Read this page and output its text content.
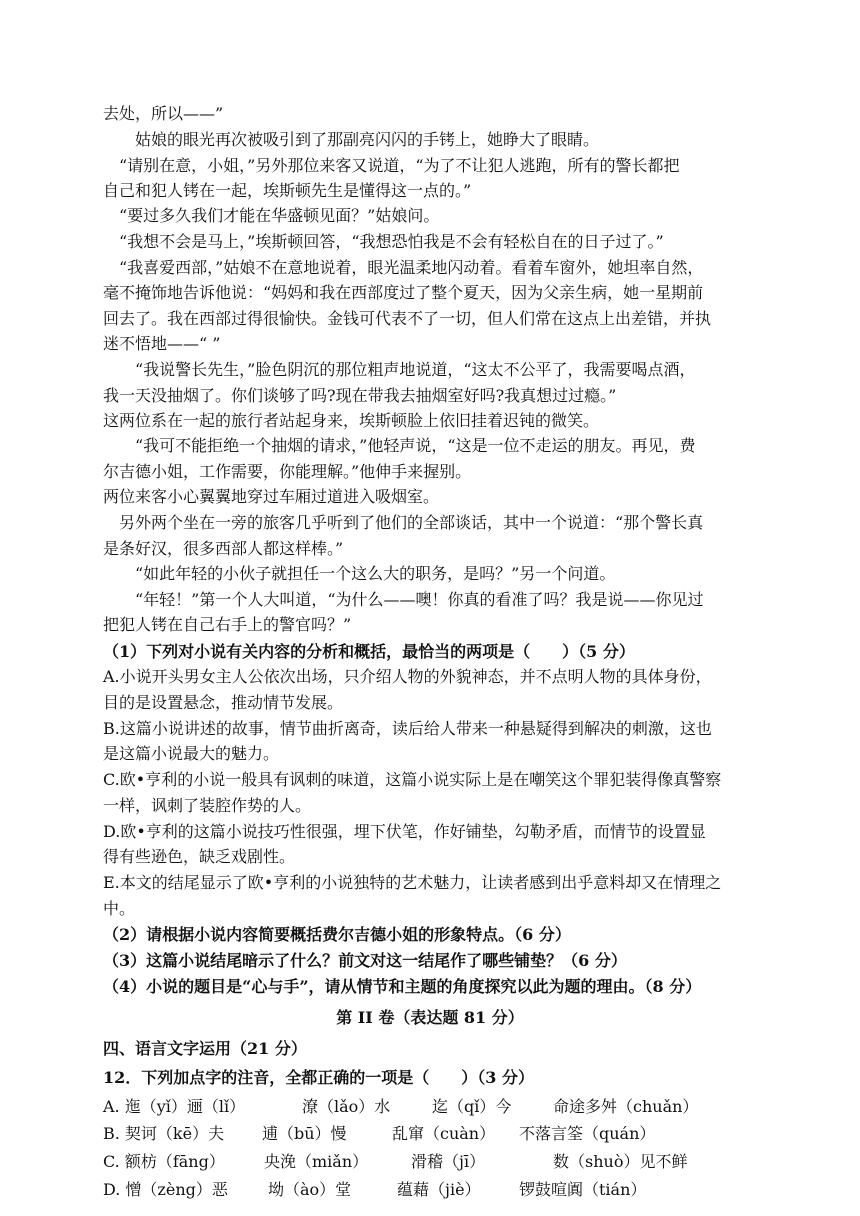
去处，所以——”
姑娘的眼光再次被吸引到了那副亮闪闪的手铐上，她睁大了眼睛。
“请别在意，小姐，”另外那位来客又说道，“为了不让犯人逃跑，所有的警长都把
自己和犯人铐在一起，埃斯顿先生是懂得这一点的。”
“要过多久我们才能在华盛顿见面？”姑娘问。
“我想不会是马上，”埃斯顿回答，“我想恐怕我是不会有轻松自在的日子过了。”
“我喜爱西部，”姑娘不在意地说着，眼光温柔地闪动着。看着车窗外，她坦率自然，
毫不掩饰地告诉他说：“妈妈和我在西部度过了整个夏天，因为父亲生病，她一星期前
回去了。我在西部过得很愉快。金钱可代表不了一切，但人们常在这点上出差错，并执
迷不悟地——“ ”
“我说警长先生，”脸色阴沉的那位粗声地说道，“这太不公平了，我需要喝点酒，
我一天没抽烟了。你们谈够了吗?现在带我去抽烟室好吗?我真想过过瘾。”
这两位系在一起的旅行者站起身来，埃斯顿脸上依旧挂着迟钝的微笑。
“我可不能拒绝一个抽烟的请求，”他轻声说，“这是一位不走运的朋友。再见，费
尔吉德小姐，工作需要，你能理解。”他伸手来握别。
两位来客小心翼翼地穿过车厢过道进入吸烟室。
另外两个坐在一旁的旅客几乎听到了他们的全部谈话，其中一个说道：“那个警长真
是条好汉，很多西部人都这样棒。”
“如此年轻的小伙子就担任一个这么大的职务，是吗？”另一个问道。
“年轻！”第一个人大叫道，“为什么——噢！你真的看准了吗？我是说——你见过
把犯人铐在自己右手上的警官吗？”
（1）下列对小说有关内容的分析和概括，最恰当的两项是（　　）（5 分）
A.小说开头男女主人公依次出场，只介绍人物的外貌神态，并不点明人物的具体身份，
目的是设置悬念，推动情节发展。
B.这篇小说讲述的故事，情节曲折离奇，读后给人带来一种悬疑得到解决的刺激，这也
是这篇小说最大的魅力。
C.欧•亨利的小说一般具有讽刺的味道，这篇小说实际上是在嘲笑这个罪犯装得像真警察
一样，讽刺了装腔作势的人。
D.欧•亨利的这篇小说技巧性很强，埋下伏笔，作好铺垫，勾勒矛盾，而情节的设置显
得有些逊色，缺乏戏剧性。
E.本文的结尾显示了欧•亨利的小说独特的艺术魅力，让读者感到出乎意料却又在情理之
中。
（2）请根据小说内容简要概括费尔吉德小姐的形象特点。（6 分）
（3）这篇小说结尾暗示了什么？前文对这一结尾作了哪些铺垫？（6 分）
（4）小说的题目是“心与手”，请从情节和主题的角度探究以此为题的理由。（8 分）
第 II 卷（表达题 81 分）
四、语言文字运用（21 分）
12．下列加点字的注音，全都正确的一项是（　　）（3 分）
A. 迤（yǐ）逦（lǐ）	潦（lǎo）水	迄（qǐ）今	命途多舛（chuǎn）
B. 契诃（kē）夫 逋（bū）慢	乱窜（cuàn） 不落言筌（quán）
C. 额枋（fāng） 央浼（miǎn）	滑稽（jī）	数（shuò）见不鲜
D. 憎（zèng）恶	坳（ào）堂	蕴藉（jiè） 锣鼓喧阗（tián）
